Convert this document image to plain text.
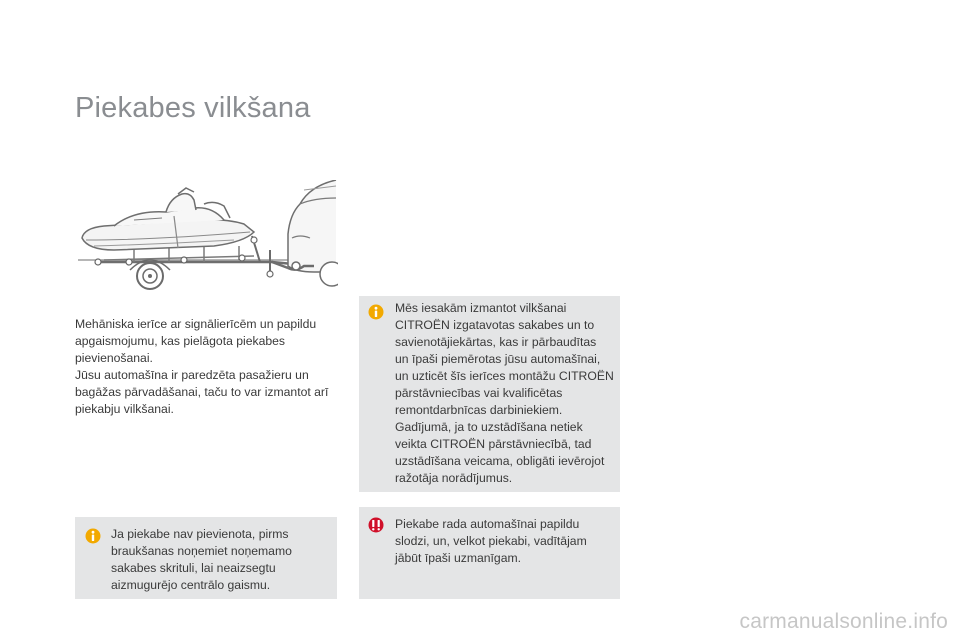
Piekabes vilkšana

Mehāniska ierīce ar signālierīcēm un papildu

apgaismojumu, kas pielāgota piekabes

pievienošanai.

Jūsu automašīna ir paredzēta pasažieru un

bagāžas pārvadāšanai, taču to var izmantot arī

piekabju vilkšanai.

Mēs iesakām izmantot vilkšanai
CITROËN izgatavotas sakabes un to
savienotājiekārtas, kas ir pārbaudītas
un īpaši piemērotas jūsu automašīnai,
un uzticēt šīs ierīces montāžu CITROËN
pārstāvniecības vai kvalificētas
remontdarbnīcas darbiniekiem.
Gadījumā, ja to uzstādīšana netiek
veikta CITROËN pārstāvniecībā, tad
uzstādīšana veicama, obligāti ievērojot
ražotāja norādījumus.
Ja piekabe nav pievienota, pirms
braukšanas noņemiet noņemamo
sakabes skrituli, lai neaizsegtu
aizmugurējo centrālo gaismu.
Piekabe rada automašīnai papildu
slodzi, un, velkot piekabi, vadītājam
jābūt īpaši uzmanīgam.
carmanualsonline.info
